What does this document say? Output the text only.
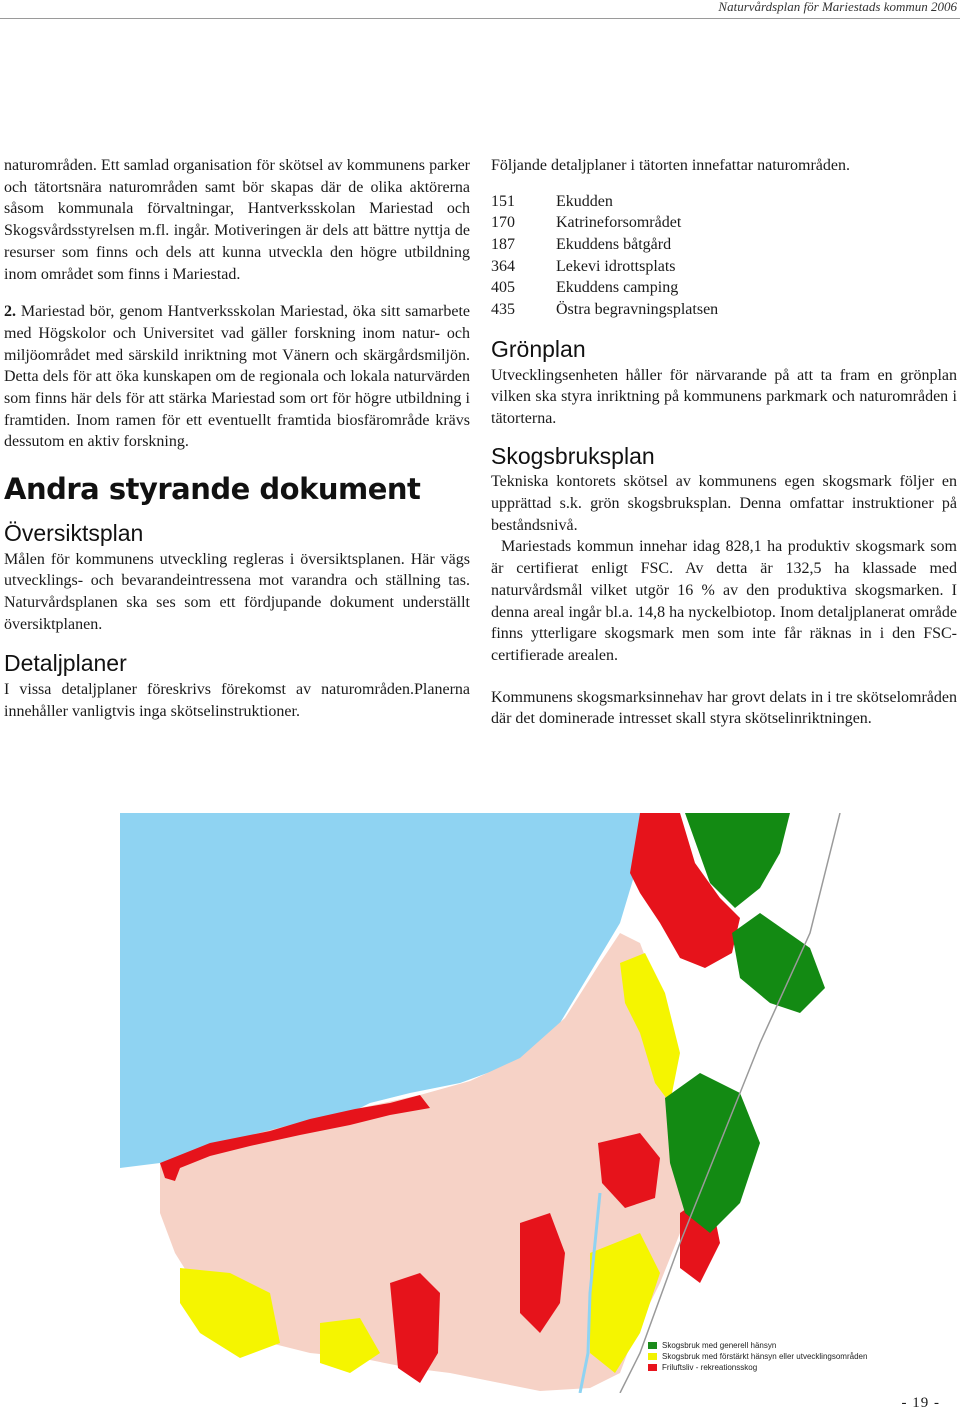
Naturvårdsplan för Mariestads kommun 2006

naturområden. Ett samlad organisation för skötsel av kommunens parker och tätortsnära naturområden samt bör skapas där de olika aktörerna såsom kommunala förvaltningar, Hantverksskolan Mariestad och Skogsvårdsstyrelsen m.fl. ingår. Motiveringen är dels att bättre nyttja de resurser som finns och dels att kunna utveckla den högre utbildning inom området som finns i Mariestad.

2. Mariestad bör, genom Hantverksskolan Mariestad, öka sitt samarbete med Högskolor och Universitet vad gäller forskning inom natur- och miljöområdet med särskild inriktning mot Vänern och skärgårdsmiljön. Detta dels för att öka kunskapen om de regionala och lokala naturvärden som finns här dels för att stärka Mariestad som ort för högre utbildning i framtiden. Inom ramen för ett eventuellt framtida biosfärområde krävs dessutom en aktiv forskning.

Andra styrande dokument
Översiktsplan

Målen för kommunens utveckling regleras i översiktsplanen. Här vägs utvecklings- och bevarandeintressena mot varandra och ställning tas. Naturvårdsplanen ska ses som ett fördjupande dokument underställt översiktplanen.

Detaljplaner

I vissa detaljplaner föreskrivs förekomst av naturområden.Planerna innehåller vanligtvis inga skötselinstruktioner.

Följande detaljplaner i tätorten innefattar naturområden.

151	Ekudden
170	Katrineforsområdet
187	Ekuddens båtgård
364	Lekevi idrottsplats
405	Ekuddens camping
435	Östra begravningsplatsen
Grönplan

Utvecklingsenheten håller för närvarande på att ta fram en grönplan vilken ska styra inriktning på kommunens parkmark och naturområden i tätorterna.

Skogsbruksplan

Tekniska kontorets skötsel av kommunens egen skogsmark följer en upprättad s.k. grön skogsbruksplan. Denna omfattar instruktioner på beståndsnivå.

Mariestads kommun innehar idag 828,1 ha produktiv skogsmark som är certifierat enligt FSC. Av detta är 132,5 ha klassade med naturvårdsmål vilket utgör 16 % av den produktiva skogsmarken. I denna areal ingår bl.a. 14,8 ha nyckelbiotop. Inom detaljplanerat område finns ytterligare skogsmark men som inte får räknas in i den FSC- certifierade arealen.

Kommunens skogsmarksinnehav har grovt delats in i tre skötselområden där det dominerade intresset skall styra skötselinriktningen.

Skogsbruk med generell hänsyn
Skogsbruk med förstärkt hänsyn eller utvecklingsområden
Friluftsliv - rekreationsskog
- 19 -
